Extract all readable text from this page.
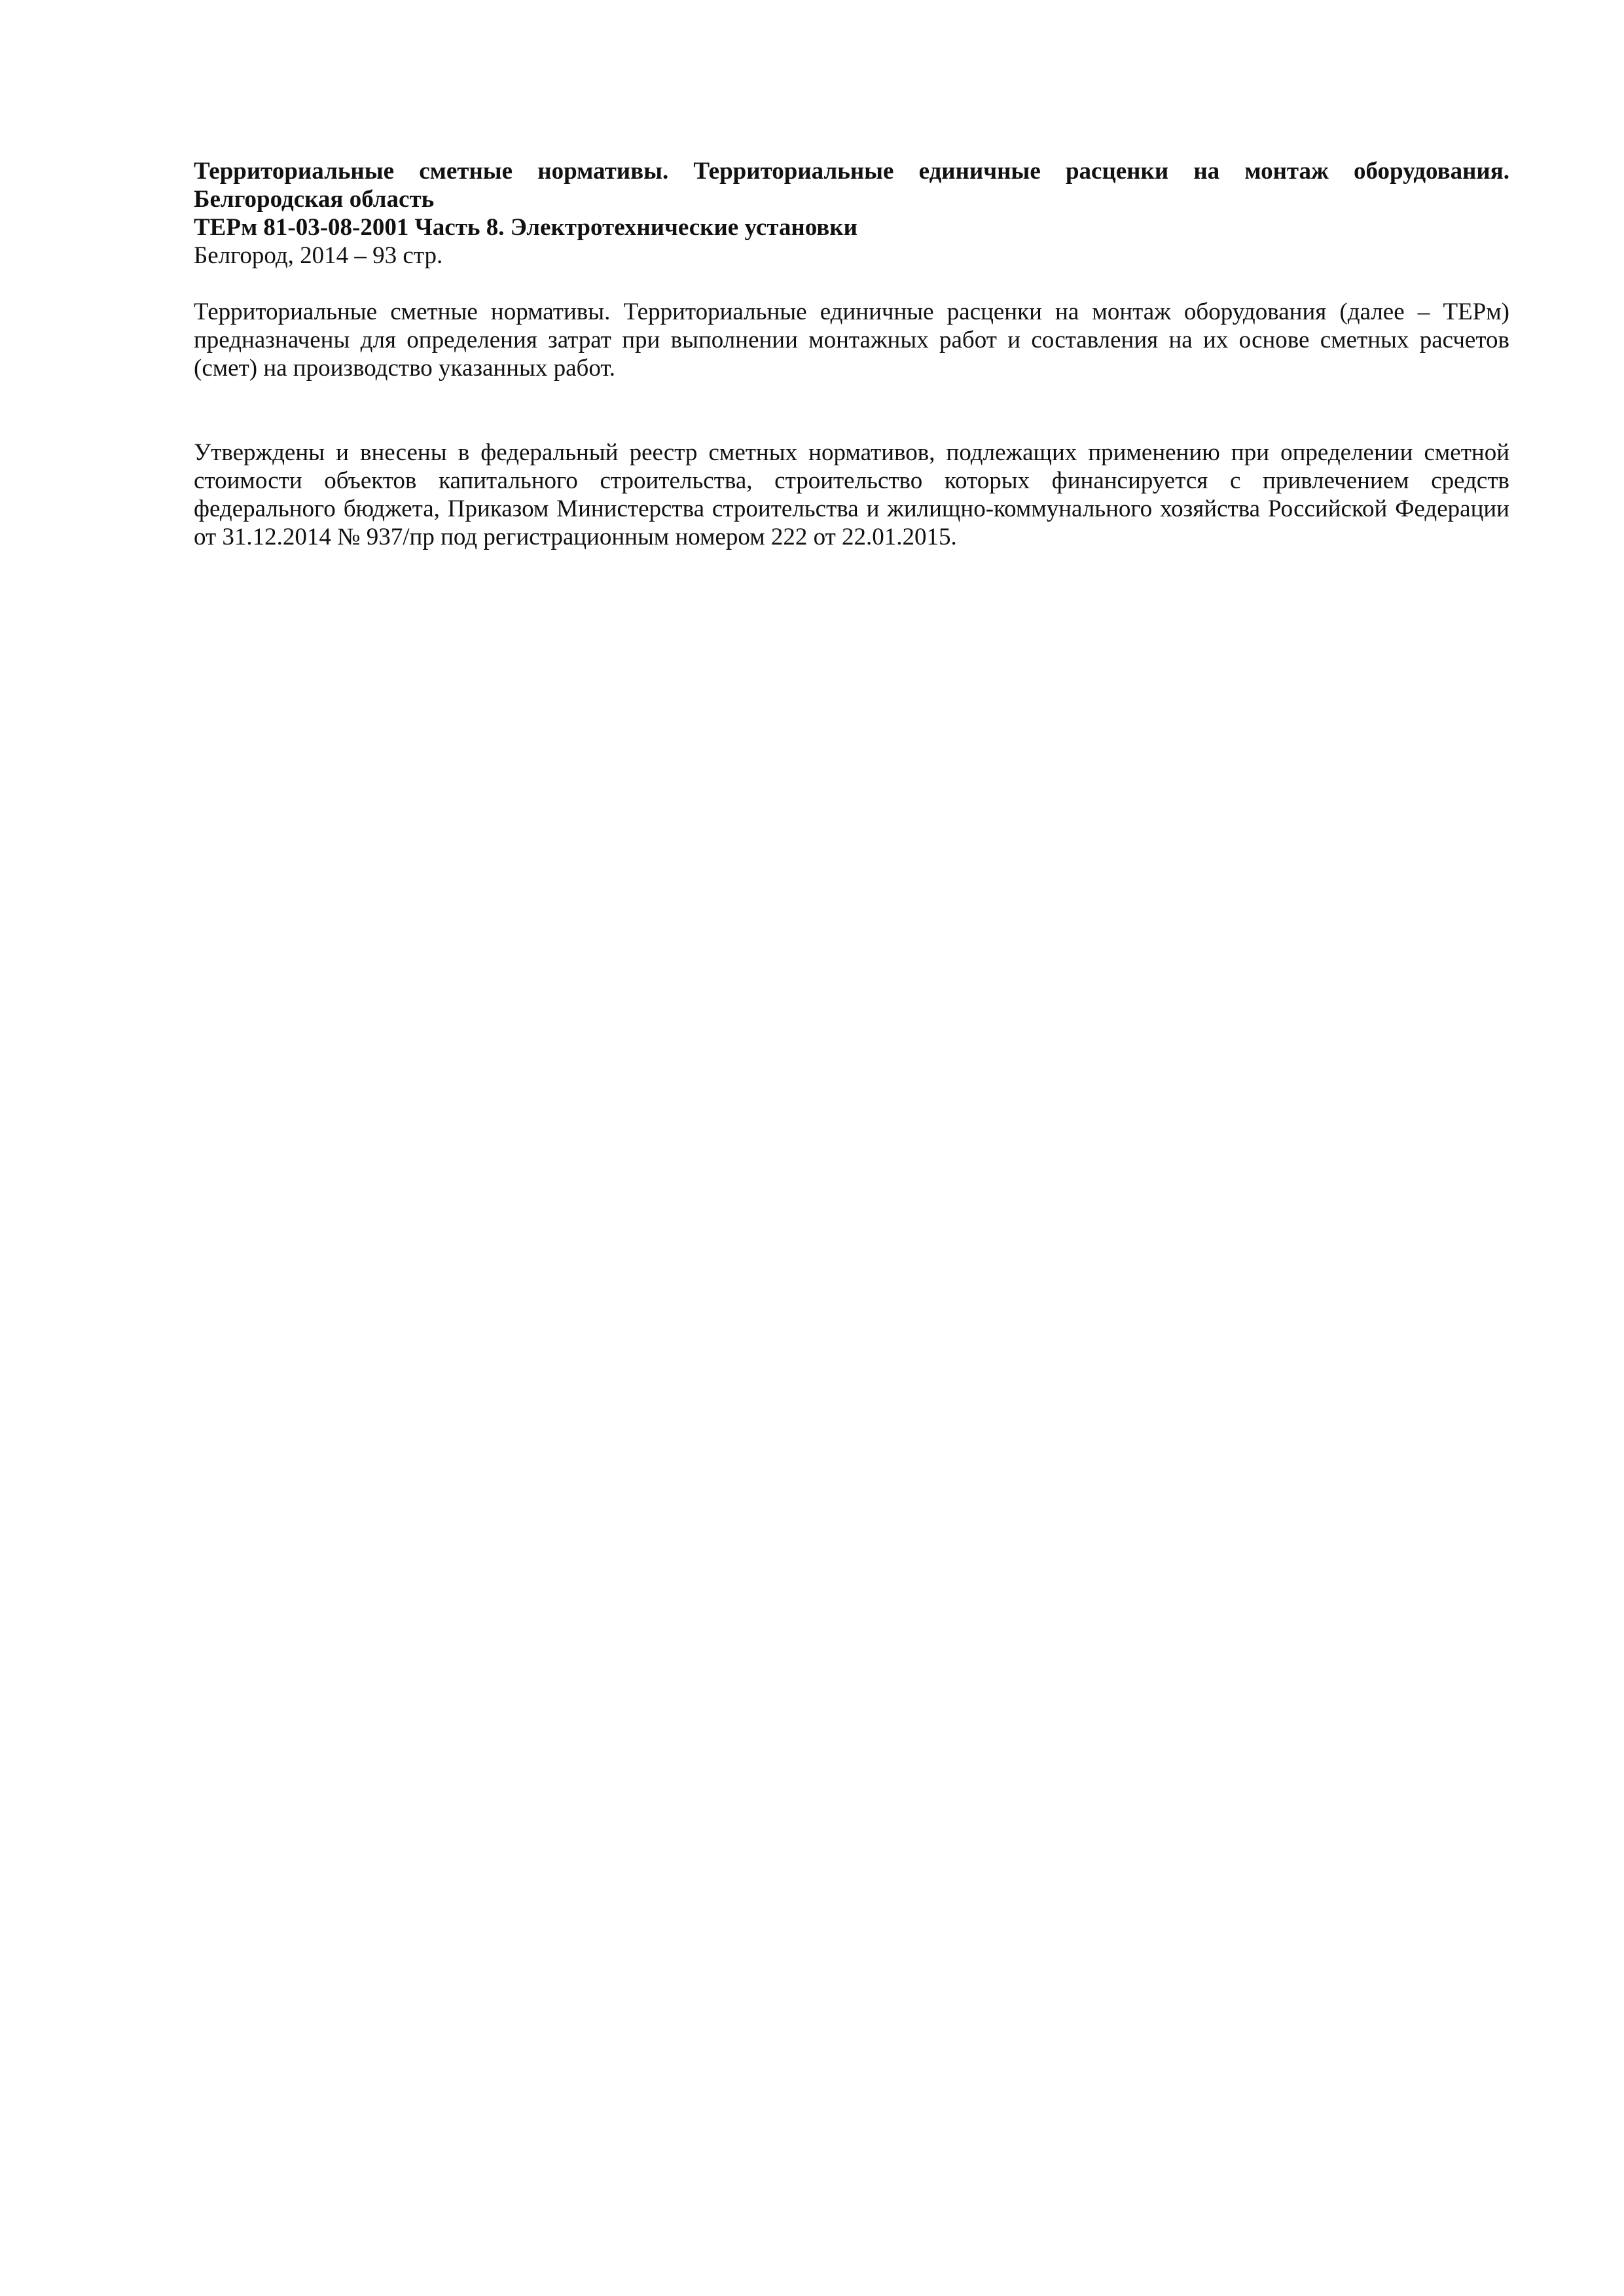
Территориальные сметные нормативы. Территориальные единичные расценки на монтаж оборудования. Белгородская область

ТЕРм 81-03-08-2001 Часть 8. Электротехнические установки

Белгород, 2014 – 93 стр.

Территориальные сметные нормативы. Территориальные единичные расценки на монтаж оборудования (далее – ТЕРм) предназначены для определения затрат при выполнении монтажных работ и составления на их основе сметных расчетов (смет) на производство указанных работ.

Утверждены и внесены в федеральный реестр сметных нормативов, подлежащих применению при определении сметной стоимости объектов капитального строительства, строительство которых финансируется с привлечением средств федерального бюджета, Приказом Министерства строительства и жилищно-коммунального хозяйства Российской Федерации от 31.12.2014 № 937/пр под регистрационным номером 222 от 22.01.2015.
